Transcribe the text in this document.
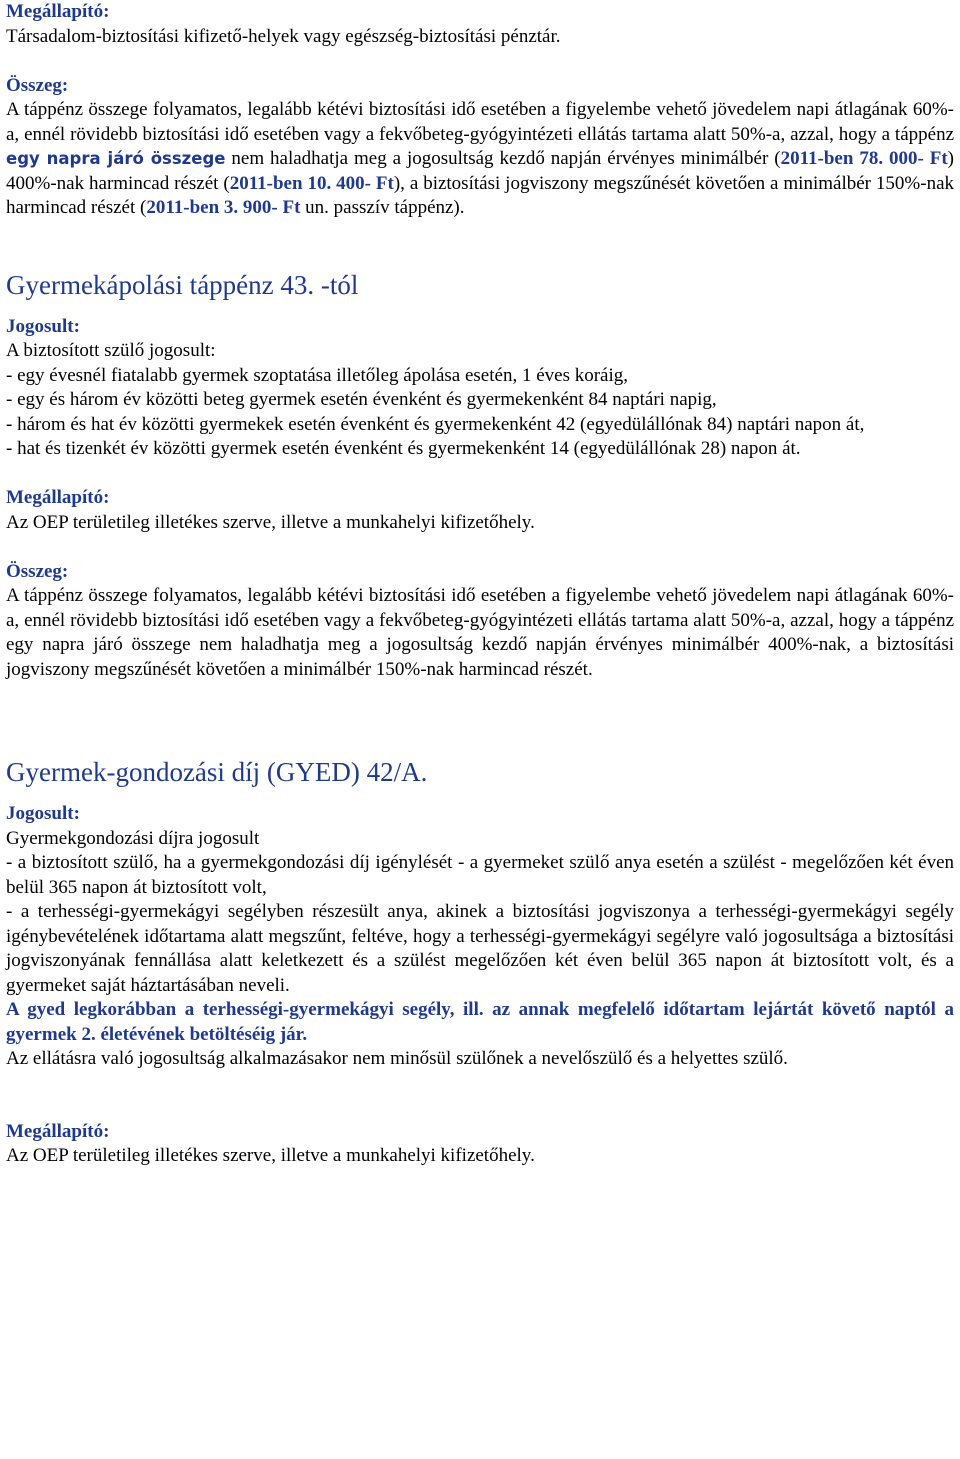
Megállapító:
Társadalom-biztosítási kifizető-helyek vagy egészség-biztosítási pénztár.
Összeg:
A táppénz összege folyamatos, legalább kétévi biztosítási idő esetében a figyelembe vehető jövedelem napi átlagának 60%-a, ennél rövidebb biztosítási idő esetében vagy a fekvőbeteg-gyógyintézeti ellátás tartama alatt 50%-a, azzal, hogy a táppénz egy napra járó összege nem haladhatja meg a jogosultság kezdő napján érvényes minimálbér (2011-ben 78. 000- Ft) 400%-nak harmincad részét (2011-ben 10. 400- Ft), a biztosítási jogviszony megszűnését követően a minimálbér 150%-nak harmincad részét (2011-ben 3. 900- Ft un. passzív táppénz).
Gyermekápolási táppénz 43. -tól
Jogosult:
A biztosított szülő jogosult:
- egy évesnél fiatalabb gyermek szoptatása illetőleg ápolása esetén, 1 éves koráig,
- egy és három év közötti beteg gyermek esetén évenként és gyermekenként 84 naptári napig,
- három és hat év közötti gyermekek esetén évenként és gyermekenként 42 (egyedülállónak 84) naptári napon át,
- hat és tizenkét év közötti gyermek esetén évenként és gyermekenként 14 (egyedülállónak 28) napon át.
Megállapító:
Az OEP területileg illetékes szerve, illetve a munkahelyi kifizetőhely.
Összeg:
A táppénz összege folyamatos, legalább kétévi biztosítási idő esetében a figyelembe vehető jövedelem napi átlagának 60%-a, ennél rövidebb biztosítási idő esetében vagy a fekvőbeteg-gyógyintézeti ellátás tartama alatt 50%-a, azzal, hogy a táppénz egy napra járó összege nem haladhatja meg a jogosultság kezdő napján érvényes minimálbér 400%-nak, a biztosítási jogviszony megszűnését követően a minimálbér 150%-nak harmincad részét.
Gyermek-gondozási díj (GYED) 42/A.
Jogosult:
Gyermekgondozási díjra jogosult
- a biztosított szülő, ha a gyermekgondozási díj igénylését - a gyermeket szülő anya esetén a szülést - megelőzően két éven belül 365 napon át biztosított volt,
- a terhességi-gyermekágyi segélyben részesült anya, akinek a biztosítási jogviszonya a terhességi-gyermekágyi segély igénybevételének időtartama alatt megszűnt, feltéve, hogy a terhességi-gyermekágyi segélyre való jogosultsága a biztosítási jogviszonyának fennállása alatt keletkezett és a szülést megelőzően két éven belül 365 napon át biztosított volt, és a gyermeket saját háztartásában neveli.
A gyed legkorábban a terhességi-gyermekágyi segély, ill. az annak megfelelő időtartam lejártát követő naptól a gyermek 2. életévének betöltéséig jár.
Az ellátásra való jogosultság alkalmazásakor nem minősül szülőnek a nevelőszülő és a helyettes szülő.
Megállapító:
Az OEP területileg illetékes szerve, illetve a munkahelyi kifizetőhely.
